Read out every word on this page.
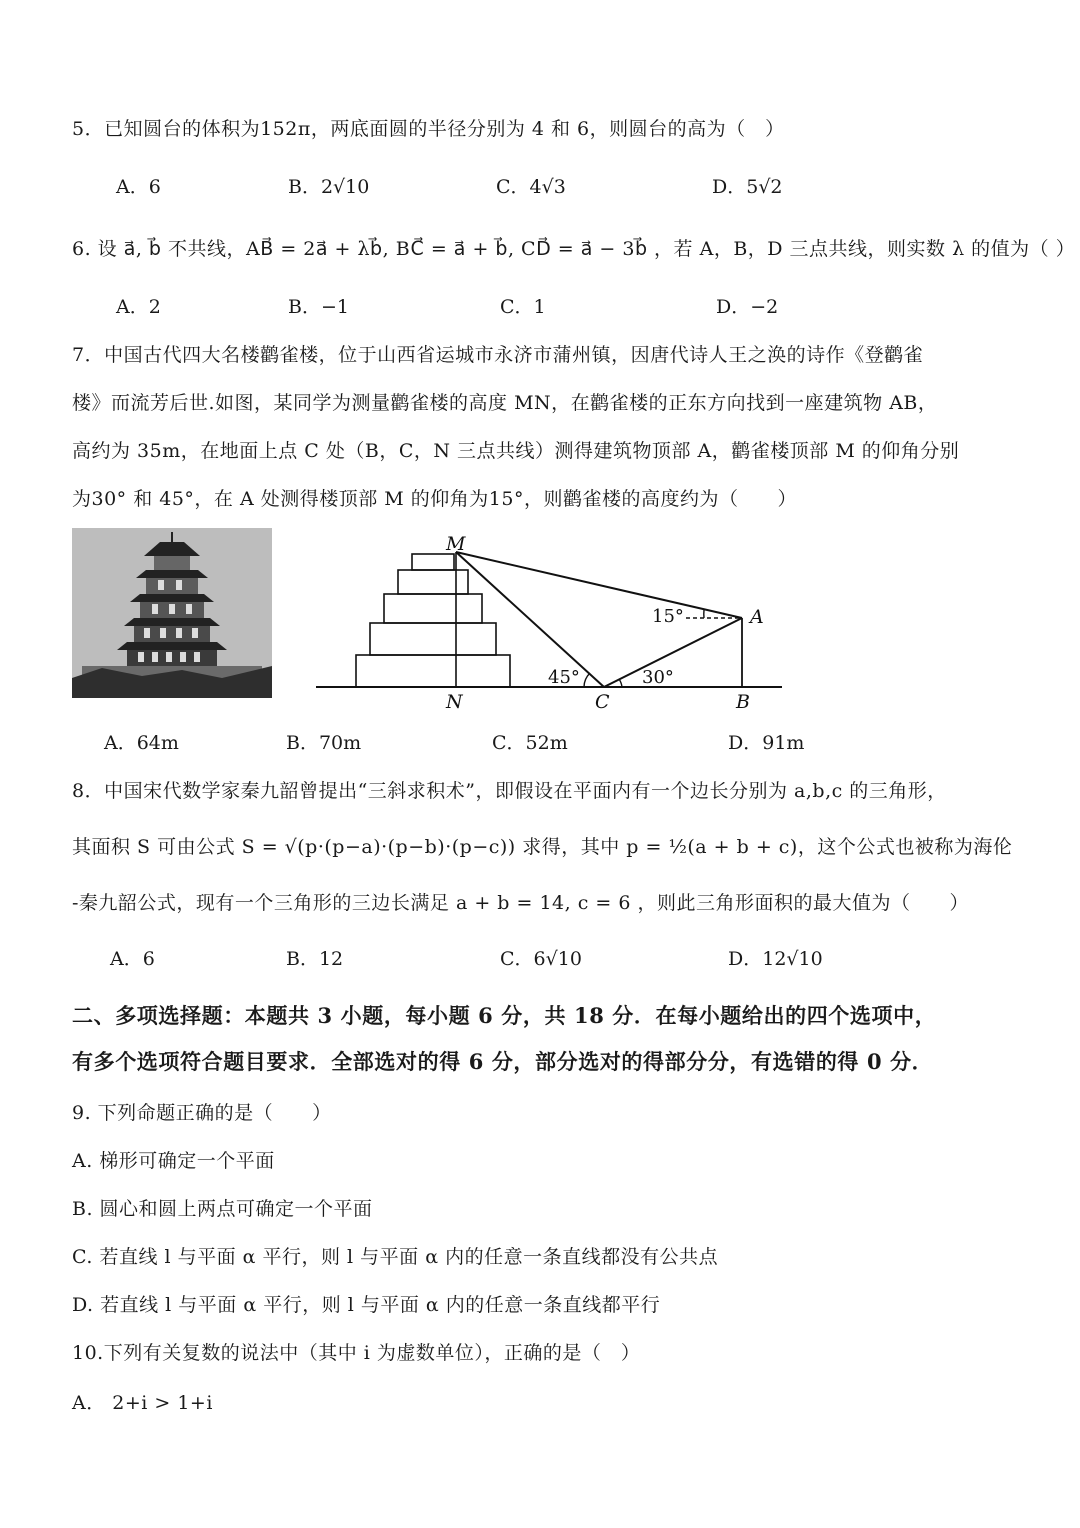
5．已知圆台的体积为152π，两底面圆的半径分别为 4 和 6，则圆台的高为（　）
A．6	B．2√10	C．4√3	D．5√2
6. 设 a⃗, b⃗ 不共线，AB⃗ = 2a⃗ + λb⃗, BC⃗ = a⃗ + b⃗, CD⃗ = a⃗ − 3b⃗ ，若 A，B，D 三点共线，则实数 λ 的值为（ ）
A．2	B．−1	C．1	D．−2
7．中国古代四大名楼鹳雀楼，位于山西省运城市永济市蒲州镇，因唐代诗人王之涣的诗作《登鹳雀
楼》而流芳后世.如图，某同学为测量鹳雀楼的高度 MN，在鹳雀楼的正东方向找到一座建筑物 AB，
高约为 35m，在地面上点 C 处（B，C，N 三点共线）测得建筑物顶部 A，鹳雀楼顶部 M 的仰角分别
为30° 和 45°，在 A 处测得楼顶部 M 的仰角为15°，则鹳雀楼的高度约为（　　）
M
N	C	B
A
45°	30°
15°
A．64m	B．70m	C．52m	D．91m
8．中国宋代数学家秦九韶曾提出“三斜求积术”，即假设在平面内有一个边长分别为 a,b,c 的三角形，
其面积 S 可由公式 S = √(p·(p−a)·(p−b)·(p−c)) 求得，其中 p = ½(a + b + c)，这个公式也被称为海伦
-秦九韶公式，现有一个三角形的三边长满足 a + b = 14, c = 6 ，则此三角形面积的最大值为（　　）
A．6	B．12	C．6√10	D．12√10
二、多项选择题：本题共 3 小题，每小题 6 分，共 18 分．在每小题给出的四个选项中，
有多个选项符合题目要求．全部选对的得 6 分，部分选对的得部分分，有选错的得 0 分．
9. 下列命题正确的是（　　）
A. 梯形可确定一个平面
B. 圆心和圆上两点可确定一个平面
C. 若直线 l 与平面 α 平行，则 l 与平面 α 内的任意一条直线都没有公共点
D. 若直线 l 与平面 α 平行，则 l 与平面 α 内的任意一条直线都平行
10.下列有关复数的说法中（其中 i 为虚数单位），正确的是（　）
A． 2+i > 1+i
